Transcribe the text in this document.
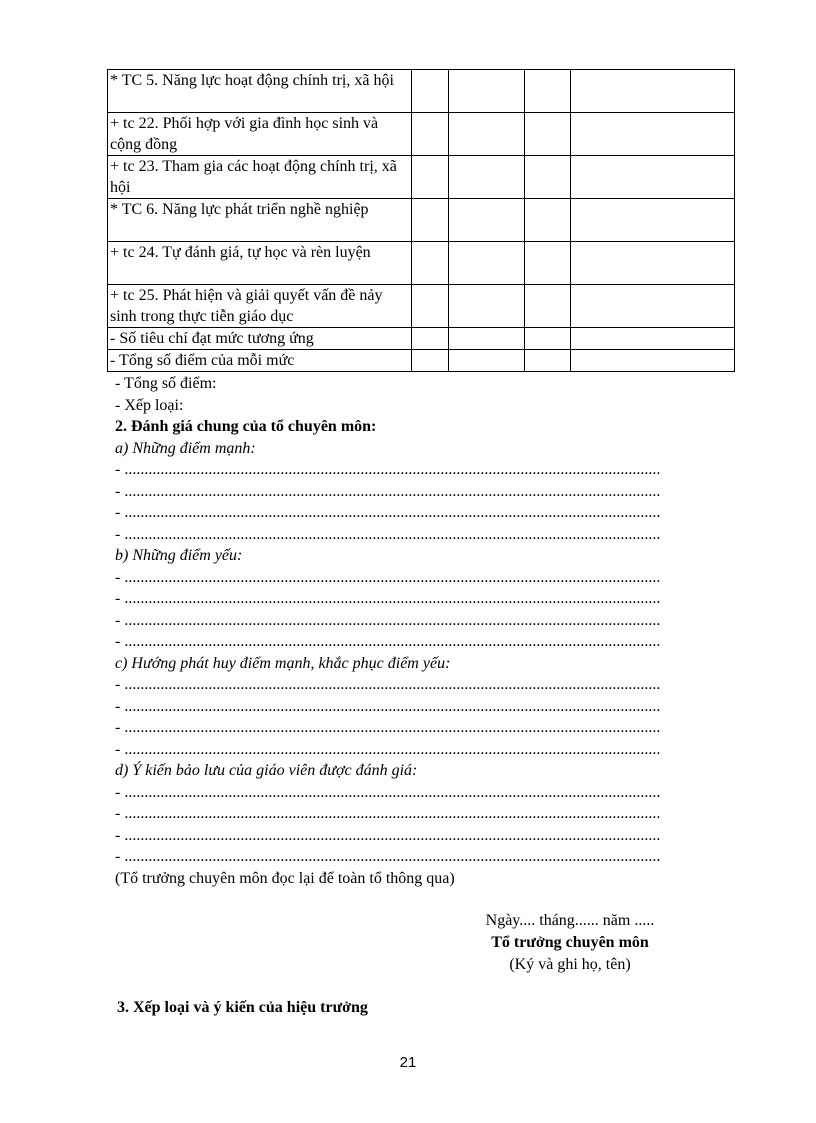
* TC 5. Năng lực hoạt động chính trị, xã hội				
+ tc 22. Phối hợp với gia đình học sinh và cộng đồng				
+ tc 23. Tham gia các hoạt động chính trị, xã hội				
* TC 6. Năng lực phát triển nghề nghiệp				
+ tc 24. Tự đánh giá, tự học và rèn luyện				
+ tc 25. Phát hiện và giải quyết vấn đề nảy sinh trong thực tiễn giáo dục				
- Số tiêu chí đạt mức tương ứng				
- Tổng số điểm của mỗi mức				
- Tổng số điểm:
- Xếp loại:
2. Đánh giá chung của tổ chuyên môn:
a) Những điểm mạnh:
- ......................................................................................................................................
- ......................................................................................................................................
- ......................................................................................................................................
- ......................................................................................................................................
b) Những điểm yếu:
- ......................................................................................................................................
- ......................................................................................................................................
- ......................................................................................................................................
- ......................................................................................................................................
c) Hướng phát huy điểm mạnh, khắc phục điểm yếu:
- ......................................................................................................................................
- ......................................................................................................................................
- ......................................................................................................................................
- ......................................................................................................................................
d) Ý kiến bảo lưu của giáo viên được đánh giá:
- ......................................................................................................................................
- ......................................................................................................................................
- ......................................................................................................................................
- ......................................................................................................................................
(Tổ trưởng chuyên môn đọc lại để toàn tổ thông qua)
Ngày.... tháng...... năm .....
Tổ trưởng chuyên môn
(Ký và ghi họ, tên)
3. Xếp loại và ý kiến của hiệu trưởng
21
